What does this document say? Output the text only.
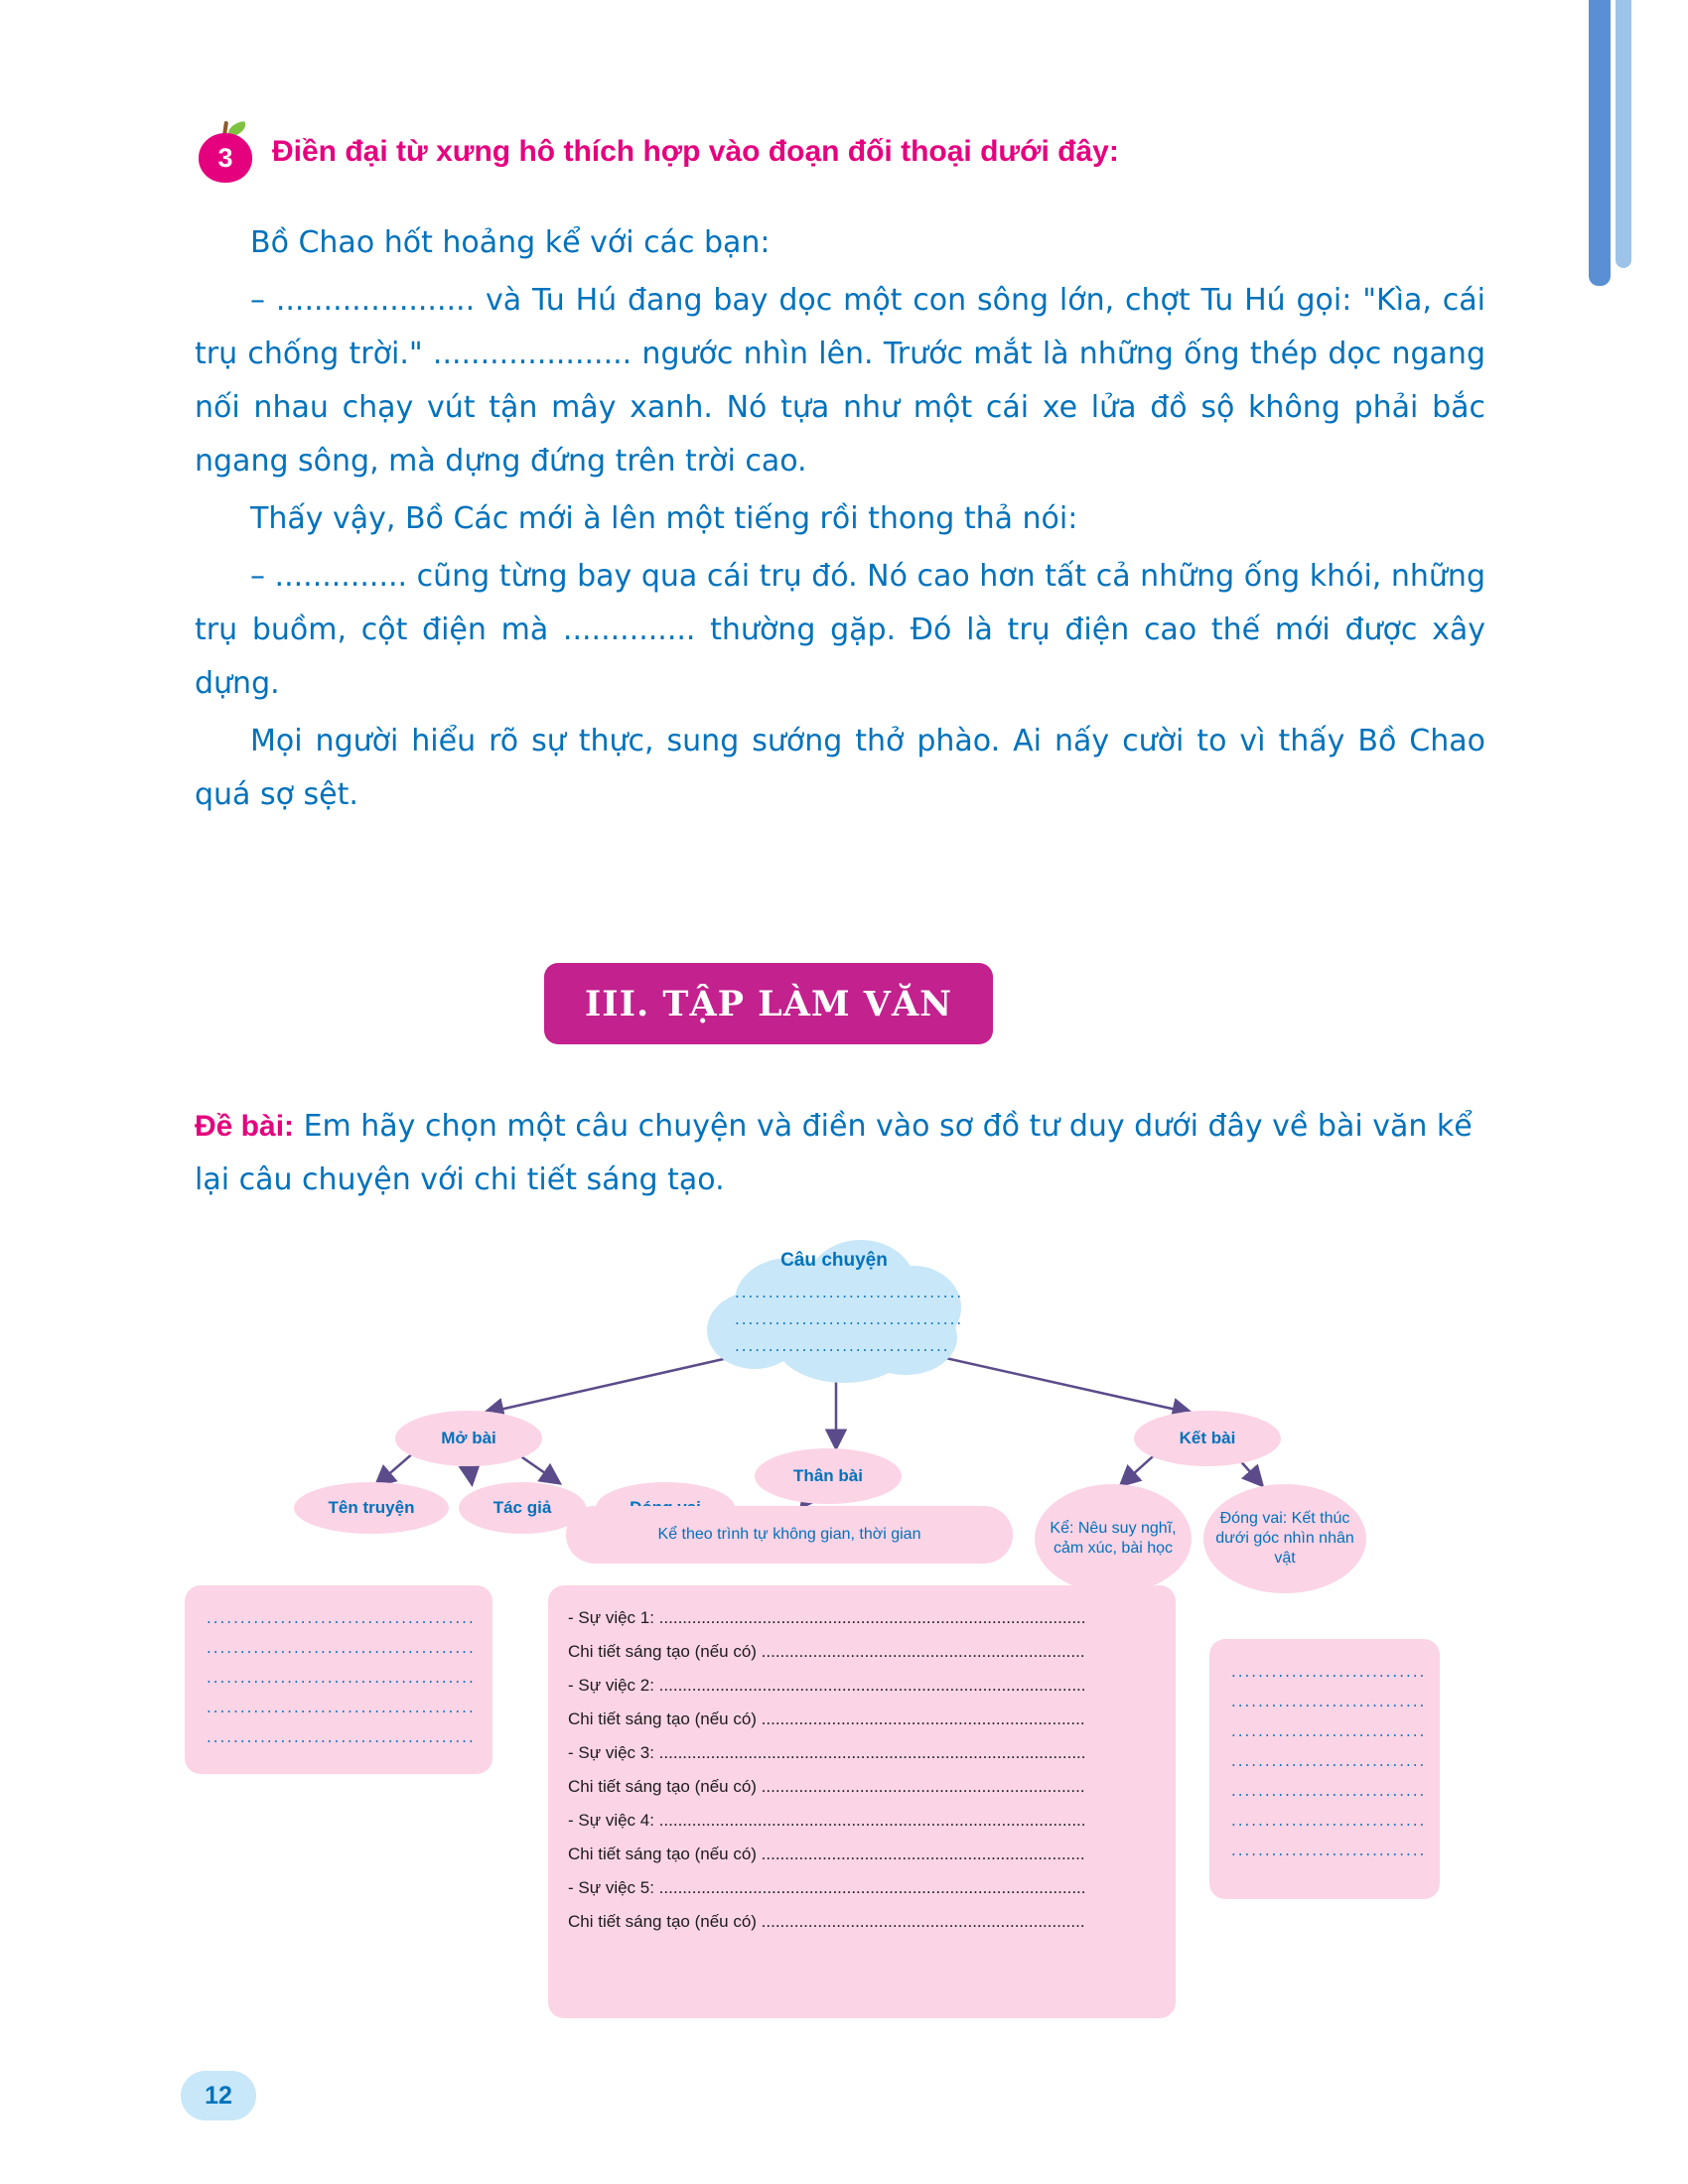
3	Điền đại từ xưng hô thích hợp vào đoạn đối thoại dưới đây:

Bồ Chao hốt hoảng kể với các bạn:

– ..................... và Tu Hú đang bay dọc một con sông lớn, chợt Tu Hú gọi: "Kìa, cái trụ chống trời." ..................... ngước nhìn lên. Trước mắt là những ống thép dọc ngang nối nhau chạy vút tận mây xanh. Nó tựa như một cái xe lửa đồ sộ không phải bắc ngang sông, mà dựng đứng trên trời cao.

Thấy vậy, Bồ Các mới à lên một tiếng rồi thong thả nói:

– .............. cũng từng bay qua cái trụ đó. Nó cao hơn tất cả những ống khói, những trụ buồm, cột điện mà .............. thường gặp. Đó là trụ điện cao thế mới được xây dựng.

Mọi người hiểu rõ sự thực, sung sướng thở phào. Ai nấy cười to vì thấy Bồ Chao quá sợ sệt.

III. TẬP LÀM VĂN
Đề bài: Em hãy chọn một câu chuyện và điền vào sơ đồ tư duy dưới đây về bài văn kể lại câu chuyện với chi tiết sáng tạo.
Câu chuyện
..................................
..................................
................................
Mở bài
Thân bài
Kết bài
Tên truyện	Tác giả
Kể theo trình tự không gian, thời gian	Kể: Nêu suy nghĩ, cảm xúc, bài học
Đóng vai: Kết thúc dưới góc nhìn nhân vật
........................................
........................................
........................................
........................................
........................................
- Sự việc 1: ...........................................................................................
Chi tiết sáng tạo (nếu có) .....................................................................
- Sự việc 2: ...........................................................................................
Chi tiết sáng tạo (nếu có) .....................................................................
- Sự việc 3: ...........................................................................................
Chi tiết sáng tạo (nếu có) .....................................................................
- Sự việc 4: ...........................................................................................
Chi tiết sáng tạo (nếu có) .....................................................................
- Sự việc 5: ...........................................................................................
Chi tiết sáng tạo (nếu có) .....................................................................
.............................
.............................
.............................
.............................
.............................
.............................
.............................
12
